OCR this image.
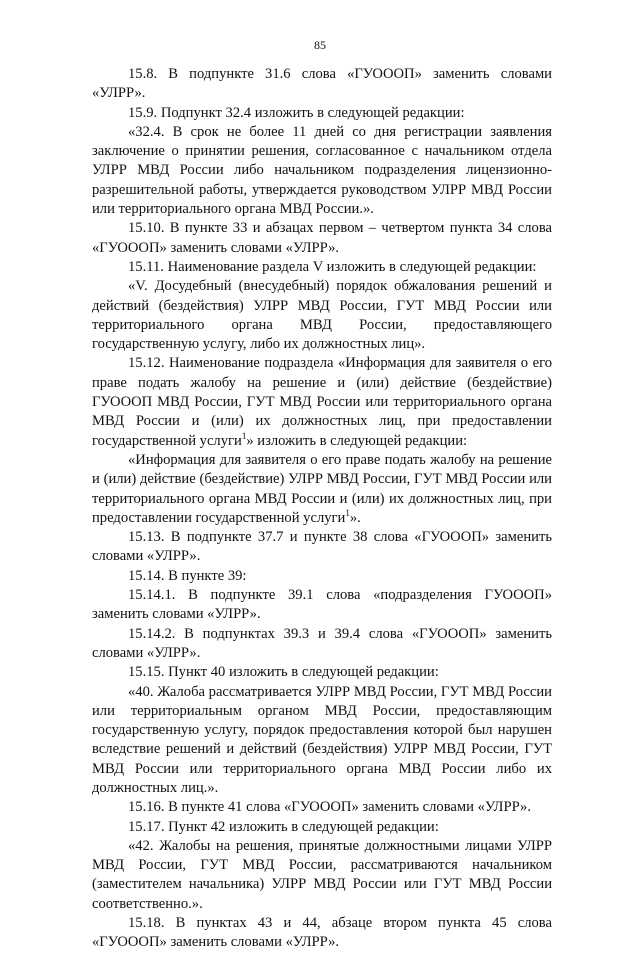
85

15.8. В подпункте 31.6 слова «ГУОООП» заменить словами «УЛРР».

15.9. Подпункт 32.4 изложить в следующей редакции:

«32.4. В срок не более 11 дней со дня регистрации заявления заключение о принятии решения, согласованное с начальником отдела УЛРР МВД России либо начальником подразделения лицензионно-разрешительной работы, утверждается руководством УЛРР МВД России или территориального органа МВД России.».

15.10. В пункте 33 и абзацах первом – четвертом пункта 34 слова «ГУОООП» заменить словами «УЛРР».

15.11. Наименование раздела V изложить в следующей редакции:

«V. Досудебный (внесудебный) порядок обжалования решений и действий (бездействия) УЛРР МВД России, ГУТ МВД России или территориального органа МВД России, предоставляющего государственную услугу, либо их должностных лиц».

15.12. Наименование подраздела «Информация для заявителя о его праве подать жалобу на решение и (или) действие (бездействие) ГУОООП МВД России, ГУТ МВД России или территориального органа МВД России и (или) их должностных лиц, при предоставлении государственной услуги$^1$» изложить в следующей редакции:

«Информация для заявителя о его праве подать жалобу на решение и (или) действие (бездействие) УЛРР МВД России, ГУТ МВД России или территориального органа МВД России и (или) их должностных лиц, при предоставлении государственной услуги$^1$».

15.13. В подпункте 37.7 и пункте 38 слова «ГУОООП» заменить словами «УЛРР».

15.14. В пункте 39:

15.14.1. В подпункте 39.1 слова «подразделения ГУОООП» заменить словами «УЛРР».

15.14.2. В подпунктах 39.3 и 39.4 слова «ГУОООП» заменить словами «УЛРР».

15.15. Пункт 40 изложить в следующей редакции:

«40. Жалоба рассматривается УЛРР МВД России, ГУТ МВД России или территориальным органом МВД России, предоставляющим государственную услугу, порядок предоставления которой был нарушен вследствие решений и действий (бездействия) УЛРР МВД России, ГУТ МВД России или территориального органа МВД России либо их должностных лиц.».

15.16. В пункте 41 слова «ГУОООП» заменить словами «УЛРР».

15.17. Пункт 42 изложить в следующей редакции:

«42. Жалобы на решения, принятые должностными лицами УЛРР МВД России, ГУТ МВД России, рассматриваются начальником (заместителем начальника) УЛРР МВД России или ГУТ МВД России соответственно.».

15.18. В пунктах 43 и 44, абзаце втором пункта 45 слова «ГУОООП» заменить словами «УЛРР».
